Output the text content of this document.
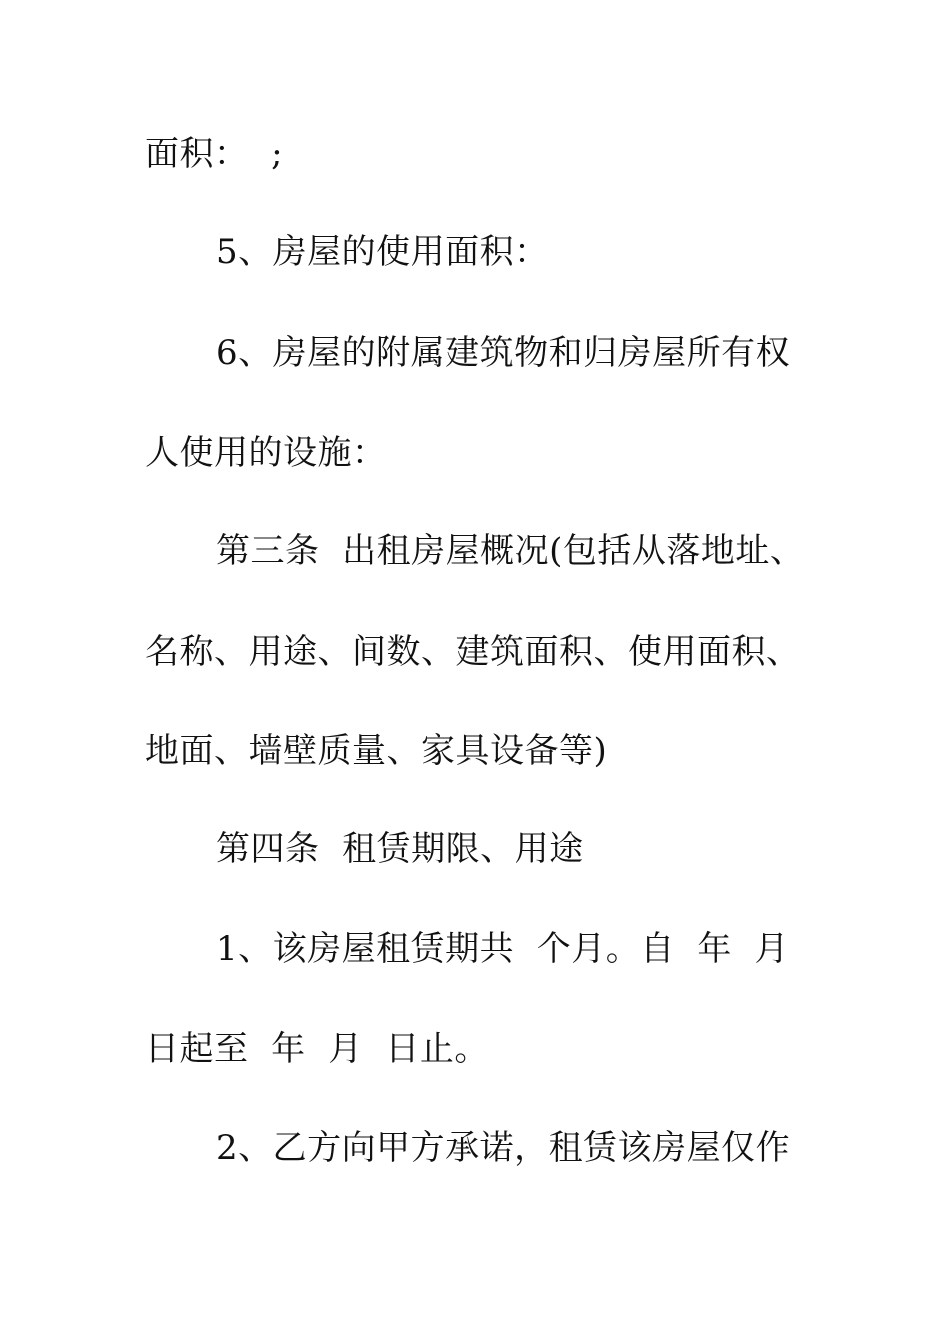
面积：  ;
5、房屋的使用面积：
6、房屋的附属建筑物和归房屋所有权
人使用的设施：
第三条  出租房屋概况(包括从落地址、
名称、用途、间数、建筑面积、使用面积、
地面、墙壁质量、家具设备等)
第四条  租赁期限、用途
1、该房屋租赁期共  个月。自  年  月
日起至  年  月  日止。
2、乙方向甲方承诺，租赁该房屋仅作
